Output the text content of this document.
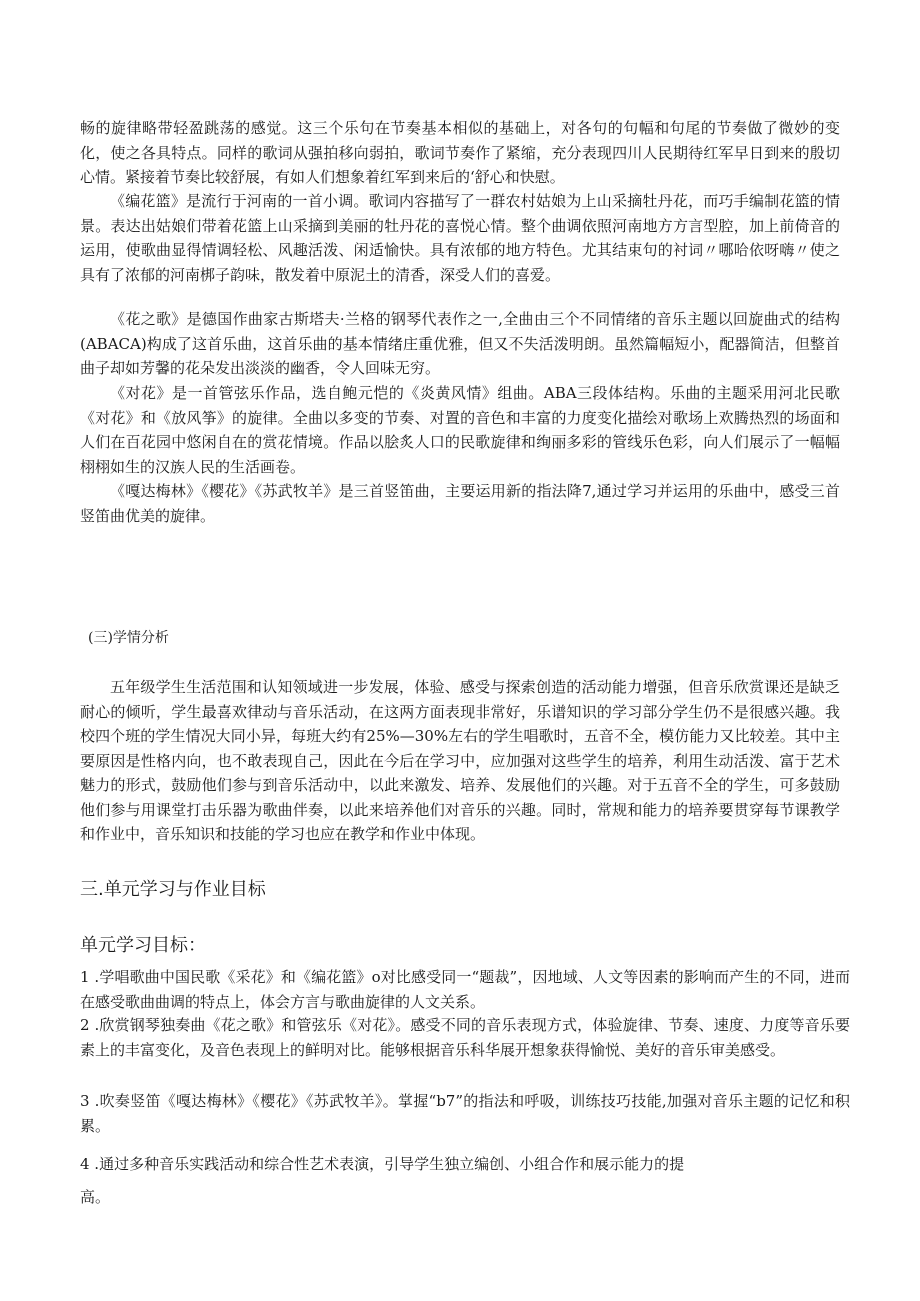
畅的旋律略带轻盈跳荡的感觉。这三个乐句在节奏基本相似的基础上，对各句的句幅和句尾的节奏做了微妙的变化，使之各具特点。同样的歌词从强拍移向弱拍，歌词节奏作了紧缩，充分表现四川人民期待红军早日到来的殷切心情。紧接着节奏比较舒展，有如人们想象着红军到来后的‘舒心和快慰。

《编花篮》是流行于河南的一首小调。歌词内容描写了一群农村姑娘为上山采摘牡丹花，而巧手编制花篮的情景。表达出姑娘们带着花篮上山采摘到美丽的牡丹花的喜悦心情。整个曲调依照河南地方方言型腔，加上前倚音的运用，使歌曲显得情调轻松、风趣活泼、闲适愉快。具有浓郁的地方特色。尤其结束句的衬词〃哪哈依呀嗨〃使之具有了浓郁的河南梆子韵味，散发着中原泥土的清香，深受人们的喜爱。

《花之歌》是德国作曲家古斯塔夫·兰格的钢琴代表作之一,全曲由三个不同情绪的音乐主题以回旋曲式的结构(ABACA)构成了这首乐曲，这首乐曲的基本情绪庄重优雅，但又不失活泼明朗。虽然篇幅短小，配器简洁，但整首曲子却如芳馨的花朵发出淡淡的幽香，令人回味无穷。

《对花》是一首管弦乐作品，选自鲍元恺的《炎黄风情》组曲。ABA三段体结构。乐曲的主题采用河北民歌《对花》和《放风筝》的旋律。全曲以多变的节奏、对置的音色和丰富的力度变化描绘对歌场上欢腾热烈的场面和人们在百花园中悠闲自在的赏花情境。作品以脍炙人口的民歌旋律和绚丽多彩的管线乐色彩，向人们展示了一幅幅栩栩如生的汉族人民的生活画卷。

《嘎达梅林》《樱花》《苏武牧羊》是三首竖笛曲，主要运用新的指法降7,通过学习并运用的乐曲中，感受三首竖笛曲优美的旋律。

(三)学情分析

五年级学生生活范围和认知领域进一步发展，体验、感受与探索创造的活动能力增强，但音乐欣赏课还是缺乏耐心的倾听，学生最喜欢律动与音乐活动，在这两方面表现非常好，乐谱知识的学习部分学生仍不是很感兴趣。我校四个班的学生情况大同小异，每班大约有25%—30%左右的学生唱歌时，五音不全，模仿能力又比较差。其中主要原因是性格内向，也不敢表现自己，因此在今后在学习中，应加强对这些学生的培养，利用生动活泼、富于艺术魅力的形式，鼓励他们参与到音乐活动中，以此来激发、培养、发展他们的兴趣。对于五音不全的学生，可多鼓励他们参与用课堂打击乐器为歌曲伴奏，以此来培养他们对音乐的兴趣。同时，常规和能力的培养要贯穿每节课教学和作业中，音乐知识和技能的学习也应在教学和作业中体现。

三.单元学习与作业目标
单元学习目标：

1 .学唱歌曲中国民歌《采花》和《编花篮》o对比感受同一“题裁”，因地域、人文等因素的影响而产生的不同，进而在感受歌曲曲调的特点上，体会方言与歌曲旋律的人文关系。

2 .欣赏钢琴独奏曲《花之歌》和管弦乐《对花》。感受不同的音乐表现方式，体验旋律、节奏、速度、力度等音乐要素上的丰富变化，及音色表现上的鲜明对比。能够根据音乐科华展开想象获得愉悦、美好的音乐审美感受。

3 .吹奏竖笛《嘎达梅林》《樱花》《苏武牧羊》。掌握“b7”的指法和呼吸，训练技巧技能,加强对音乐主题的记忆和积累。

4 .通过多种音乐实践活动和综合性艺术表演，引导学生独立编创、小组合作和展示能力的提

高。
